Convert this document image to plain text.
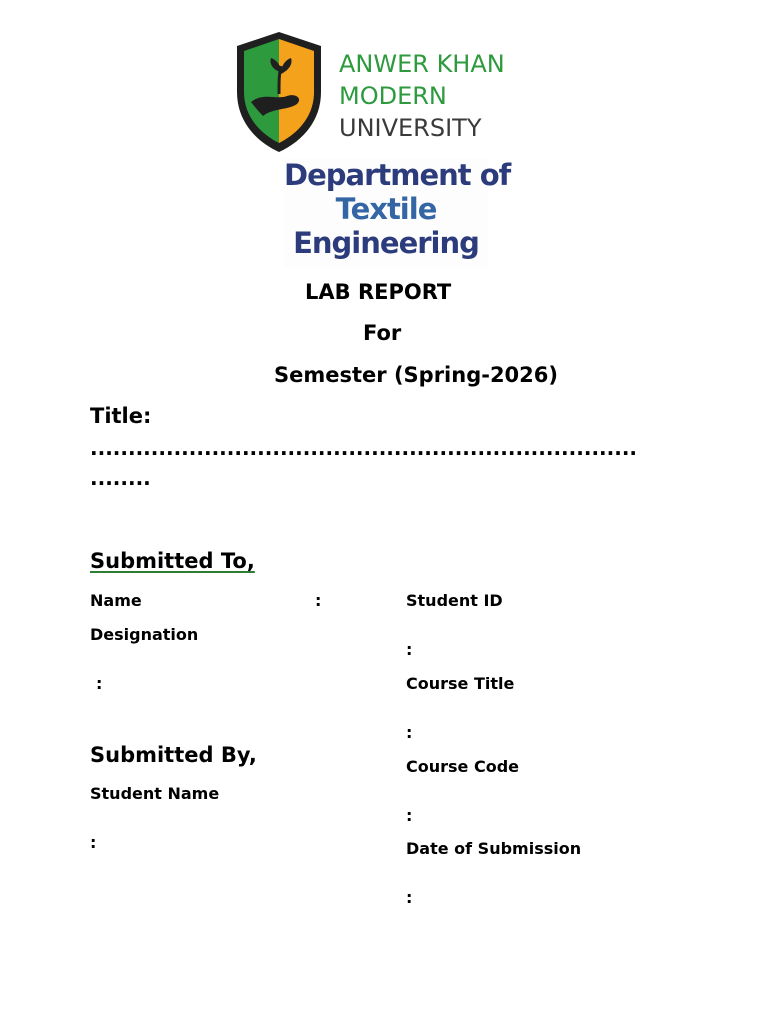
ANWER KHAN
MODERN
UNIVERSITY
Department of
Textile
Engineering
LAB REPORT
For
Semester (Spring-2026)
Title:
........................................................................
........
Submitted To,
Name	:
Designation
:
Submitted By,
Student Name
:
Student ID
:
Course Title
:
Course Code
:
Date of Submission
:
